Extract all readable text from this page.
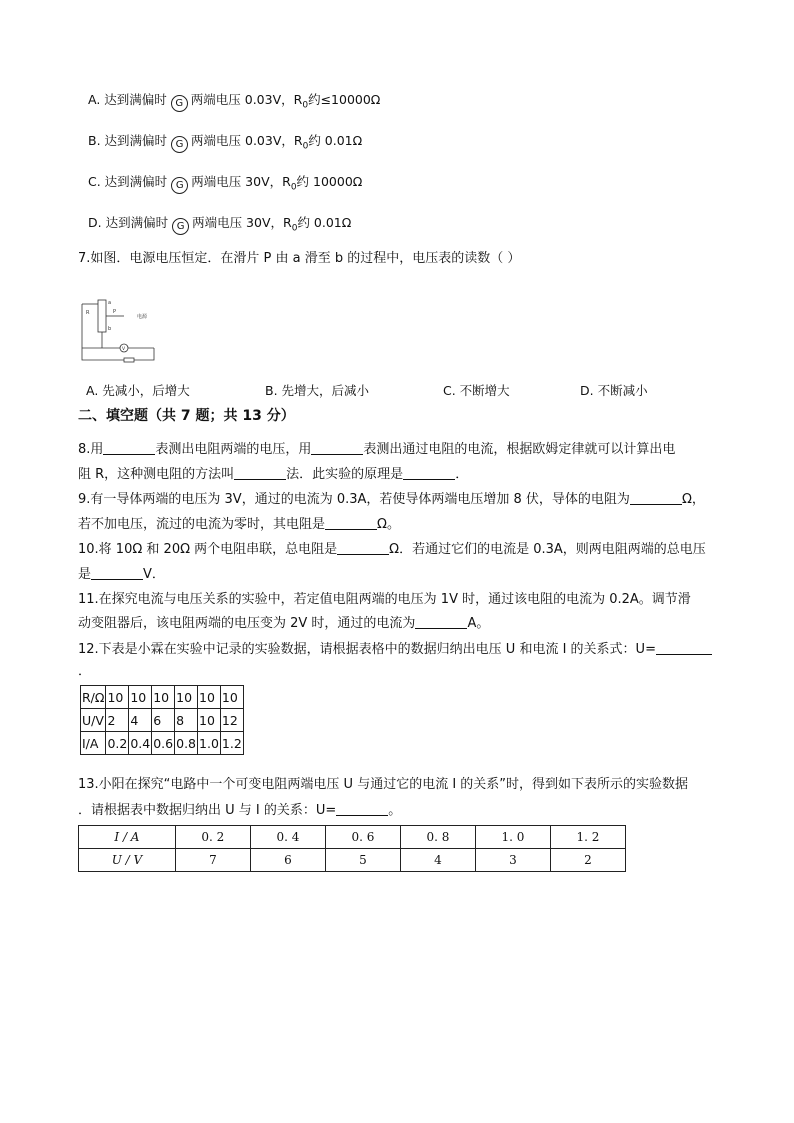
A. 达到满偏时 G 两端电压 0.03V，$R_0$约≤10000Ω
B. 达到满偏时 G 两端电压 0.03V，$R_0$约 0.01Ω
C. 达到满偏时 G 两端电压 30V，$R_0$约 10000Ω
D. 达到满偏时 G 两端电压 30V，$R_0$约 0.01Ω
7.如图．电源电压恒定．在滑片 P 由 a 滑至 b 的过程中，电压表的读数（ ）
R	P
a
b
V
电源
A. 先减小，后增大	B. 先增大，后减小	C. 不断增大	D. 不断减小
二、填空题（共 7 题；共 13 分）
8.用	表测出电阻两端的电压，用	表测出通过电阻的电流，根据欧姆定律就可以计算出电
阻 R，这种测电阻的方法叫	法．此实验的原理是	．
9.有一导体两端的电压为 3V，通过的电流为 0.3A，若使导体两端电压增加 8 伏，导体的电阻为	Ω，
若不加电压，流过的电流为零时，其电阻是	Ω。
10.将 10Ω 和 20Ω 两个电阻串联，总电阻是	Ω．若通过它们的电流是 0.3A，则两电阻两端的总电压
是	V．
11.在探究电流与电压关系的实验中，若定值电阻两端的电压为 1V 时，通过该电阻的电流为 0.2A。调节滑
动变阻器后，该电阻两端的电压变为 2V 时，通过的电流为	A。
12.下表是小霖在实验中记录的实验数据，请根据表格中的数据归纳出电压 U 和电流 I 的关系式：U=
．
R/Ω	10	10	10	10	10	10
U/V	2	4	6	8	10	12
I/A	0.2	0.4	0.6	0.8	1.0	1.2
13.小阳在探究“电路中一个可变电阻两端电压 U 与通过它的电流 I 的关系”时，得到如下表所示的实验数据
．请根据表中数据归纳出 U 与 I 的关系：U=	。
I / A	0. 2	0. 4	0. 6	0. 8	1. 0	1. 2
U / V	7	6	5	4	3	2
